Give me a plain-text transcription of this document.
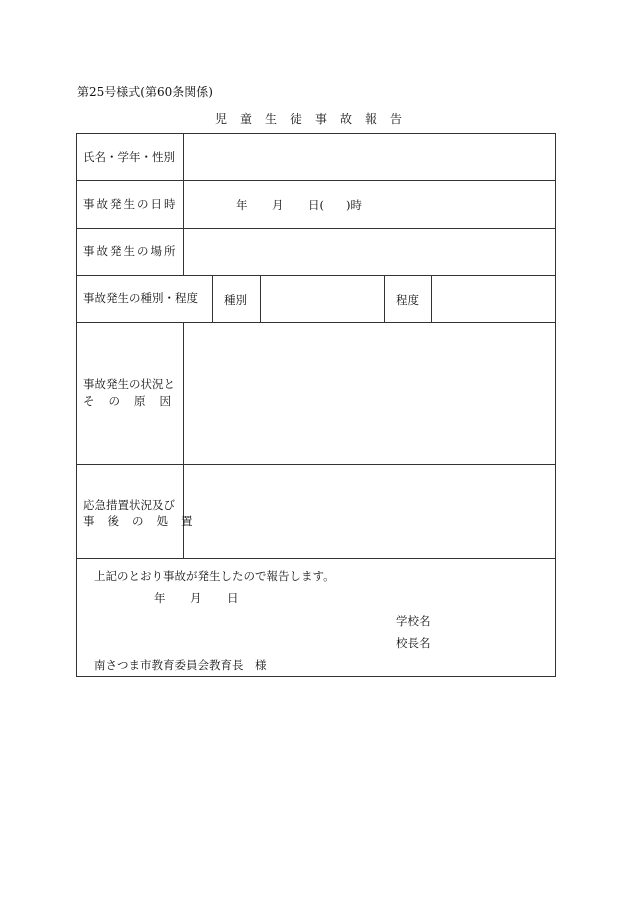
第25号様式(第60条関係)
児童生徒事故報告
氏名・学年・性別
事故発生の日時	年 月 日( )時
事故発生の場所
事故発生の種別・程度 種別	程度
事故発生の状況と
その原因
応急措置状況及び
事後の処置
上記のとおり事故が発生したので報告します。
年 月 日
学校名
校長名
南さつま市教育委員会教育長　様
